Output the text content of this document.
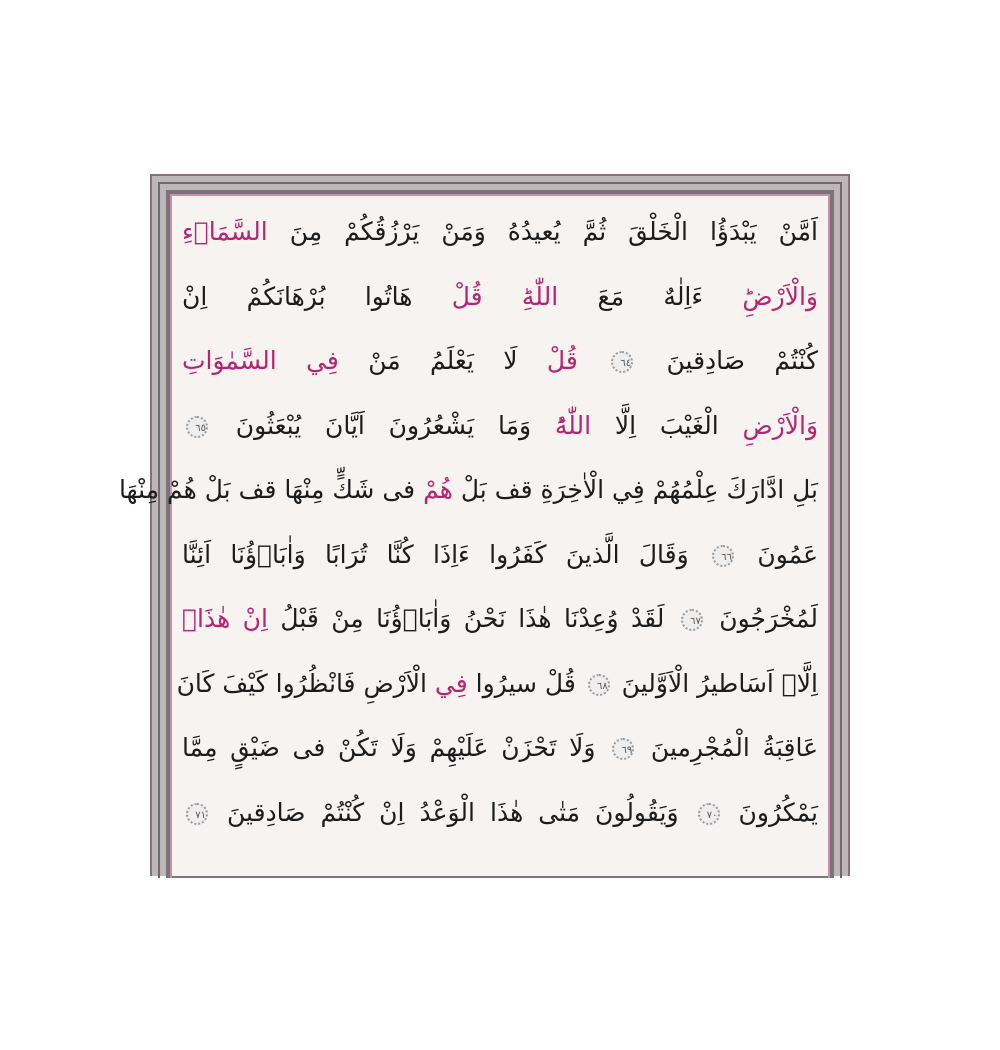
اَمَّنْ يَبْدَؤُا الْخَلْقَ ثُمَّ يُعيدُهُ وَمَنْ يَرْزُقُكُمْ مِنَ السَّمَاۤءِ
وَالْاَرْضِؕ ءَاِلٰهٌ مَعَ اللّٰهِؕ قُلْ هَاتُوا بُرْهَانَكُمْ اِنْ
كُنْتُمْ صَادِقينَ ٦٤ قُلْ لَا يَعْلَمُ مَنْ فِي السَّمٰوَاتِ
وَالْاَرْضِ الْغَيْبَ اِلَّا اللّٰهُؕ وَمَا يَشْعُرُونَ اَيَّانَ يُبْعَثُونَ ٦٥
بَلِ ادَّارَكَ عِلْمُهُمْ فِي الْاٰخِرَةِ قف بَلْ هُمْ فى شَكٍّ مِنْهَا قف بَلْ هُمْ مِنْهَا
عَمُونَ ٦٦ وَقَالَ الَّذينَ كَفَرُوا ءَاِذَا كُنَّا تُرَابًا وَاٰبَاۤؤُنَا اَئِنَّا
لَمُخْرَجُونَ ٦٧ لَقَدْ وُعِدْنَا هٰذَا نَحْنُ وَاٰبَاۤؤُنَا مِنْ قَبْلُ اِنْ هٰذَاۤ
اِلَّاۤ اَسَاطيرُ الْاَوَّلينَ ٦٨ قُلْ سيرُوا فِي الْاَرْضِ فَانْظُرُوا كَيْفَ كَانَ
عَاقِبَةُ الْمُجْرِمينَ ٦٩ وَلَا تَحْزَنْ عَلَيْهِمْ وَلَا تَكُنْ فى ضَيْقٍ مِمَّا
يَمْكُرُونَ ٧٠ وَيَقُولُونَ مَتٰى هٰذَا الْوَعْدُ اِنْ كُنْتُمْ صَادِقينَ ٧١
